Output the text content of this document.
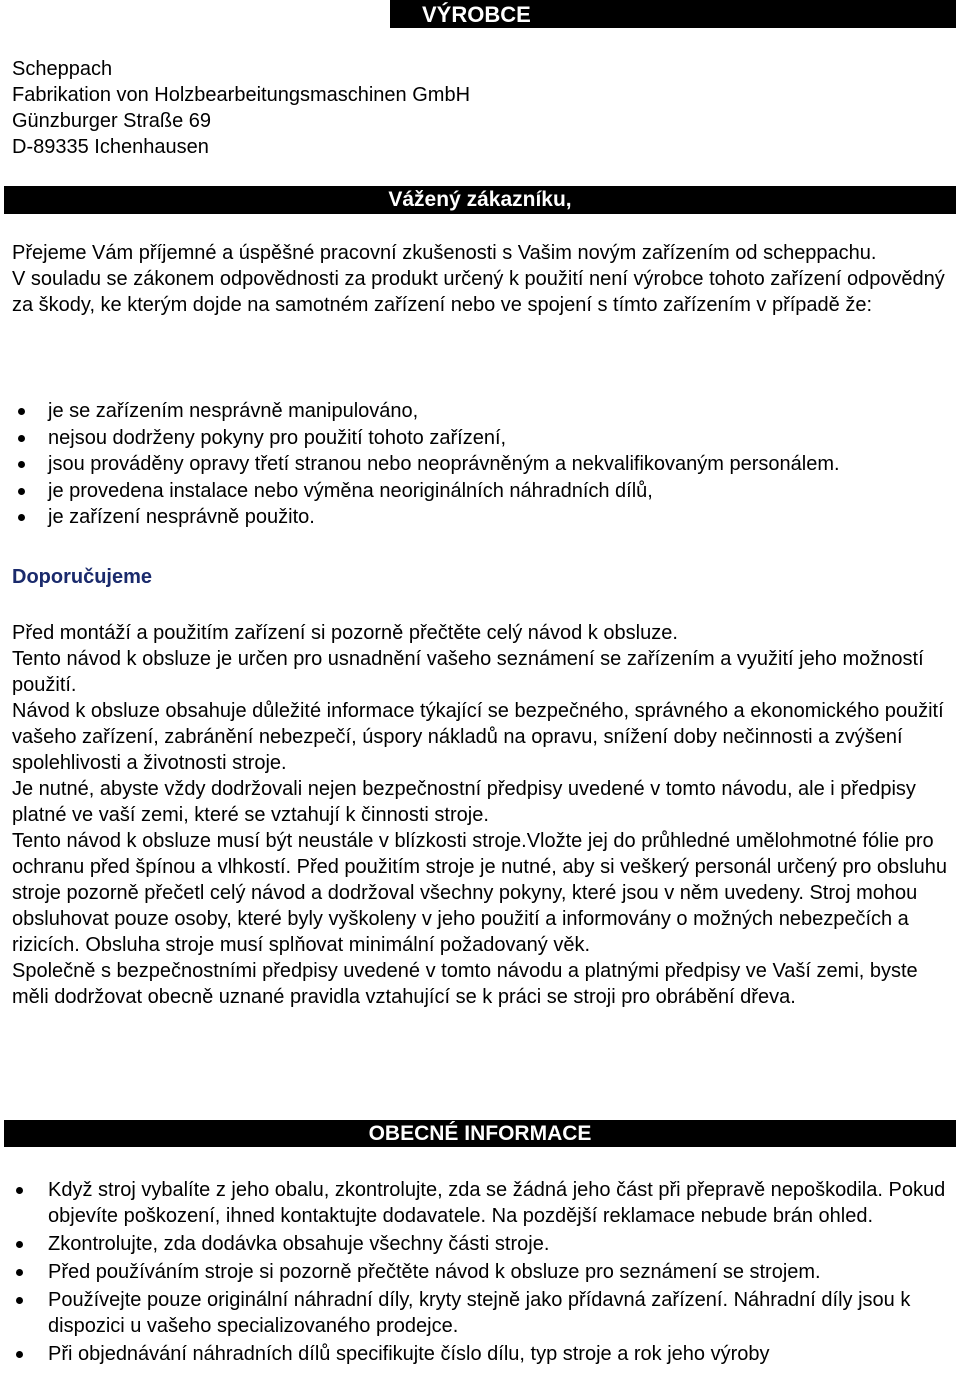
VÝROBCE

Scheppach

Fabrikation von Holzbearbeitungsmaschinen GmbH

Günzburger Straße 69

D-89335 Ichenhausen

Vážený zákazníku,

Přejeme Vám příjemné a úspěšné pracovní zkušenosti s Vašim novým zařízením od scheppachu.

V souladu se zákonem odpovědnosti za produkt určený k použití není výrobce tohoto zařízení odpovědný za škody, ke kterým dojde na samotném zařízení nebo ve spojení s tímto zařízením v případě že:

je se zařízením nesprávně manipulováno,
nejsou dodrženy pokyny pro použití tohoto zařízení,
jsou prováděny opravy třetí stranou nebo neoprávněným a nekvalifikovaným personálem.
je provedena instalace nebo výměna neoriginálních náhradních dílů,
je zařízení nesprávně použito.
Doporučujeme

Před montáží a použitím zařízení si pozorně přečtěte celý návod k obsluze.

Tento návod k obsluze je určen pro usnadnění vašeho seznámení se zařízením a využití jeho možností použití.

Návod k obsluze obsahuje důležité informace týkající se bezpečného, správného a ekonomického použití vašeho zařízení, zabránění nebezpečí, úspory nákladů na opravu, snížení doby nečinnosti a zvýšení spolehlivosti a životnosti stroje.

Je nutné, abyste vždy dodržovali nejen bezpečnostní předpisy uvedené v tomto návodu, ale i předpisy platné ve vaší zemi, které se vztahují k činnosti stroje.

Tento návod k obsluze musí být neustále v blízkosti stroje.Vložte jej do průhledné umělohmotné fólie pro ochranu před špínou a vlhkostí. Před použitím stroje je nutné, aby si veškerý personál určený pro obsluhu stroje pozorně přečetl celý návod a dodržoval všechny pokyny, které jsou v něm uvedeny. Stroj mohou obsluhovat pouze osoby, které byly vyškoleny v jeho použití a informovány o možných nebezpečích a rizicích. Obsluha stroje musí splňovat minimální požadovaný věk.

Společně s bezpečnostními předpisy uvedené v tomto návodu a platnými předpisy ve Vaší zemi, byste měli dodržovat obecně uznané pravidla vztahující se k práci se stroji pro obrábění dřeva.

OBECNÉ INFORMACE
Když stroj vybalíte z jeho obalu, zkontrolujte, zda se žádná jeho část při přepravě nepoškodila. Pokud objevíte poškození, ihned kontaktujte dodavatele. Na pozdější reklamace nebude brán ohled.
Zkontrolujte, zda dodávka obsahuje všechny části stroje.
Před používáním stroje si pozorně přečtěte návod k obsluze pro seznámení se strojem.
Používejte pouze originální náhradní díly, kryty stejně jako přídavná zařízení. Náhradní díly jsou k dispozici u vašeho specializovaného prodejce.
Při objednávání náhradních dílů specifikujte číslo dílu, typ stroje a rok jeho výroby
